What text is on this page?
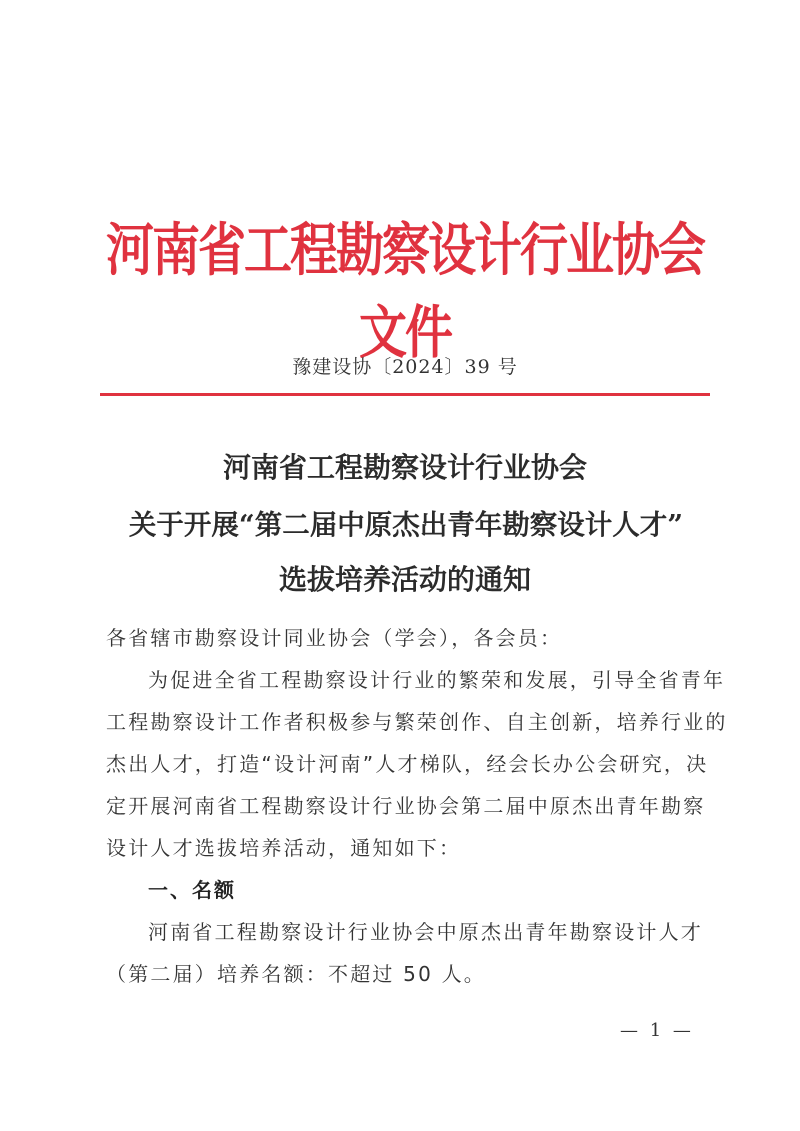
河南省工程勘察设计行业协会文件
豫建设协〔2024〕39 号
河南省工程勘察设计行业协会
关于开展“第二届中原杰出青年勘察设计人才”
选拔培养活动的通知
各省辖市勘察设计同业协会（学会），各会员：
为促进全省工程勘察设计行业的繁荣和发展，引导全省青年
工程勘察设计工作者积极参与繁荣创作、自主创新，培养行业的
杰出人才，打造“设计河南”人才梯队，经会长办公会研究，决
定开展河南省工程勘察设计行业协会第二届中原杰出青年勘察
设计人才选拔培养活动，通知如下：
一、名额
河南省工程勘察设计行业协会中原杰出青年勘察设计人才
（第二届）培养名额：不超过 50 人。
— 1 —
